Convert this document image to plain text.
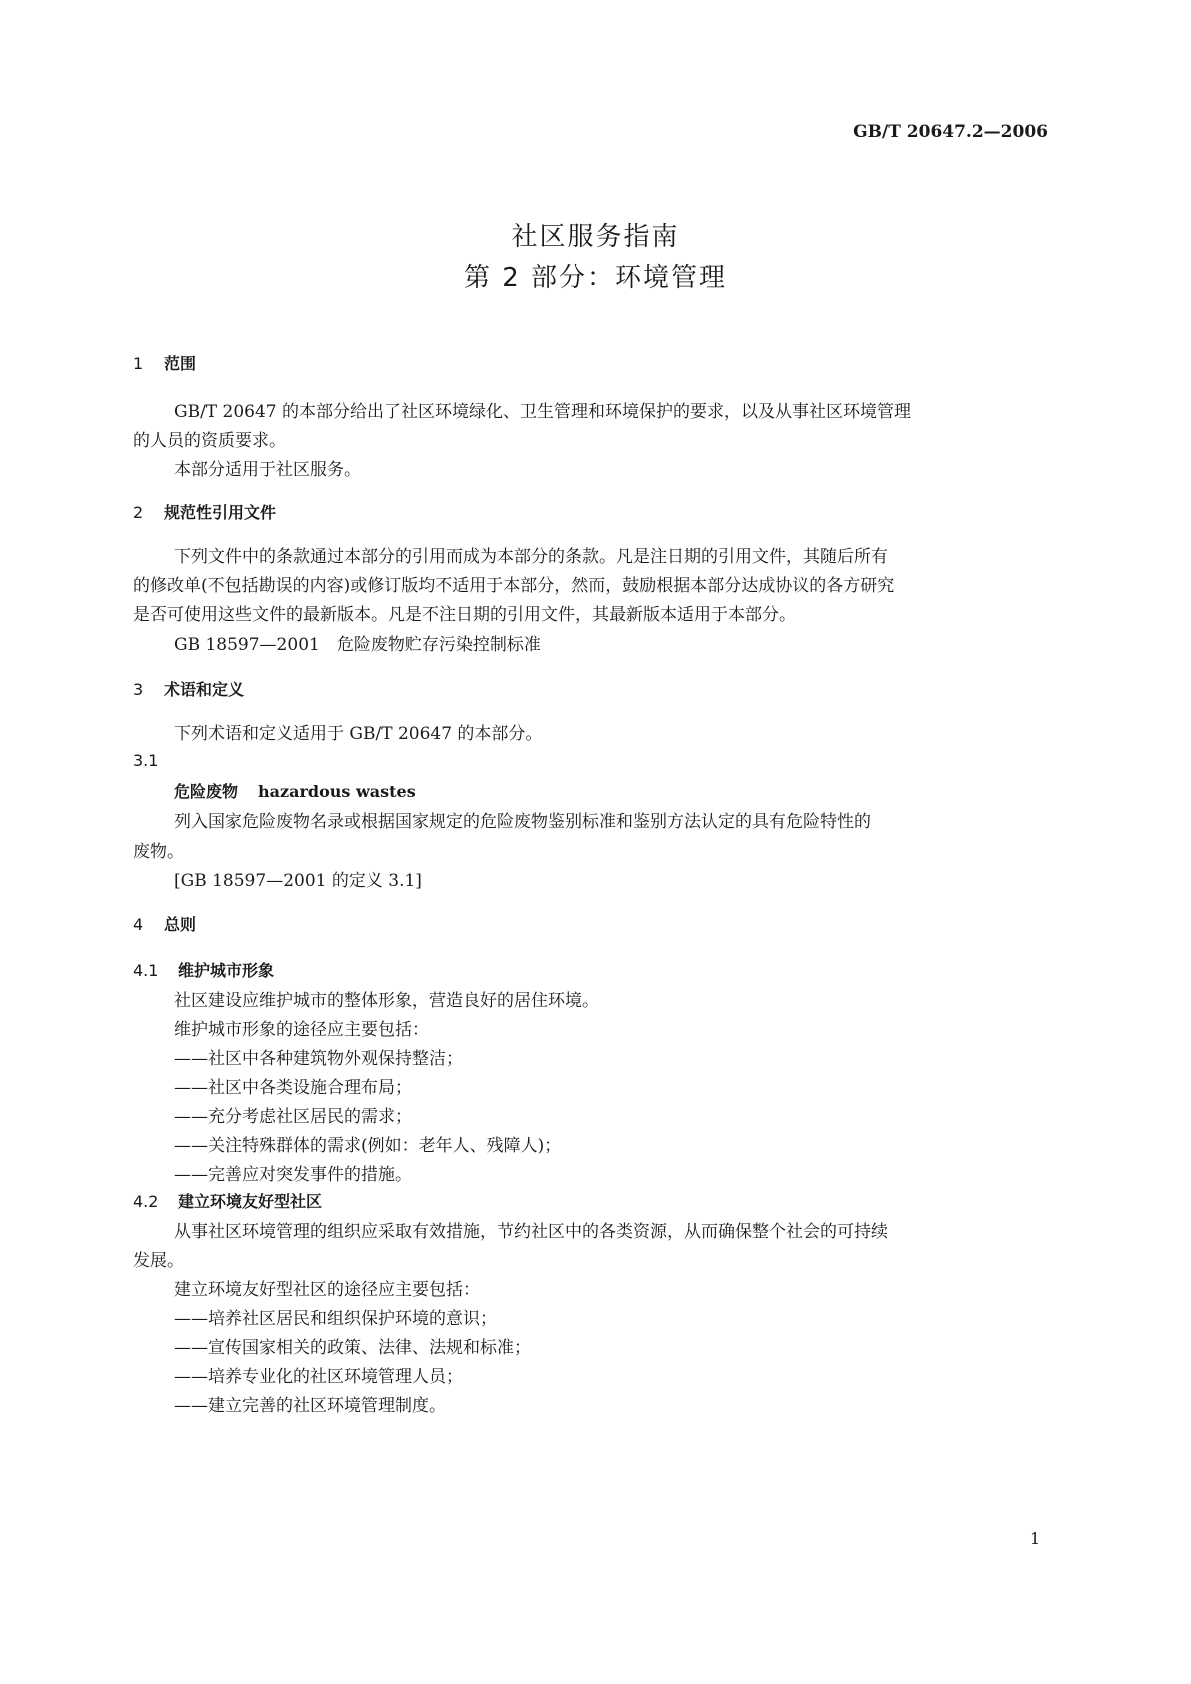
GB/T 20647.2—2006
社区服务指南
第 2 部分：环境管理
1 范围
GB/T 20647 的本部分给出了社区环境绿化、卫生管理和环境保护的要求，以及从事社区环境管理
的人员的资质要求。
本部分适用于社区服务。
2 规范性引用文件
下列文件中的条款通过本部分的引用而成为本部分的条款。凡是注日期的引用文件，其随后所有
的修改单(不包括勘误的内容)或修订版均不适用于本部分，然而，鼓励根据本部分达成协议的各方研究
是否可使用这些文件的最新版本。凡是不注日期的引用文件，其最新版本适用于本部分。
GB 18597—2001　危险废物贮存污染控制标准
3 术语和定义
下列术语和定义适用于 GB/T 20647 的本部分。
3.1
危险废物 hazardous wastes
列入国家危险废物名录或根据国家规定的危险废物鉴别标准和鉴别方法认定的具有危险特性的
废物。
[GB 18597—2001 的定义 3.1]
4 总则
4.1 维护城市形象
社区建设应维护城市的整体形象，营造良好的居住环境。
维护城市形象的途径应主要包括：
——社区中各种建筑物外观保持整洁；
——社区中各类设施合理布局；
——充分考虑社区居民的需求；
——关注特殊群体的需求(例如：老年人、残障人)；
——完善应对突发事件的措施。
4.2 建立环境友好型社区
从事社区环境管理的组织应采取有效措施，节约社区中的各类资源，从而确保整个社会的可持续
发展。
建立环境友好型社区的途径应主要包括：
——培养社区居民和组织保护环境的意识；
——宣传国家相关的政策、法律、法规和标准；
——培养专业化的社区环境管理人员；
——建立完善的社区环境管理制度。
1
